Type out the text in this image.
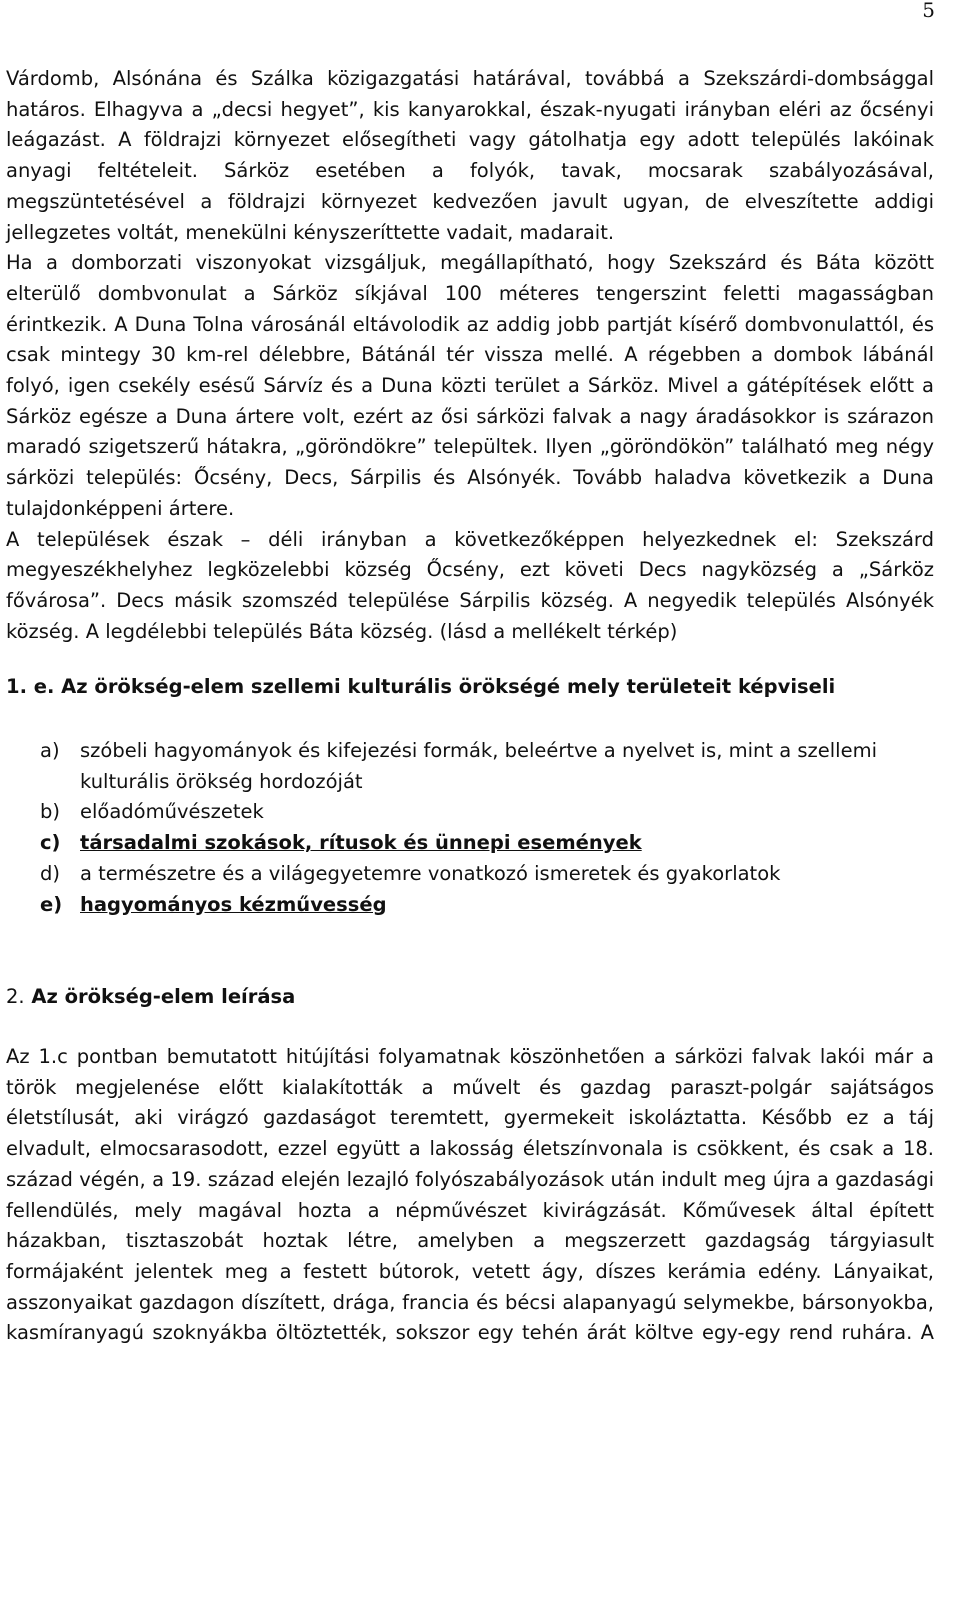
5

Várdomb, Alsónána és Szálka közigazgatási határával, továbbá a Szekszárdi-dombsággal határos. Elhagyva a „decsi hegyet”, kis kanyarokkal, észak-nyugati irányban eléri az őcsényi leágazást. A földrajzi környezet elősegítheti vagy gátolhatja egy adott település lakóinak anyagi feltételeit. Sárköz esetében a folyók, tavak, mocsarak szabályozásával, megszüntetésével a földrajzi környezet kedvezően javult ugyan, de elveszítette addigi jellegzetes voltát, menekülni kényszeríttette vadait, madarait.

Ha a domborzati viszonyokat vizsgáljuk, megállapítható, hogy Szekszárd és Báta között elterülő dombvonulat a Sárköz síkjával 100 méteres tengerszint feletti magasságban érintkezik. A Duna Tolna városánál eltávolodik az addig jobb partját kísérő dombvonulattól, és csak mintegy 30 km-rel délebbre, Bátánál tér vissza mellé. A régebben a dombok lábánál folyó, igen csekély esésű Sárvíz és a Duna közti terület a Sárköz. Mivel a gátépítések előtt a Sárköz egésze a Duna ártere volt, ezért az ősi sárközi falvak a nagy áradásokkor is szárazon maradó szigetszerű hátakra, „göröndökre” települtek. Ilyen „göröndökön” található meg négy sárközi település: Őcsény, Decs, Sárpilis és Alsónyék. Tovább haladva következik a Duna tulajdonképpeni ártere.

A települések észak – déli irányban a következőképpen helyezkednek el: Szekszárd megyeszékhelyhez legközelebbi község Őcsény, ezt követi Decs nagyközség a „Sárköz fővárosa”. Decs másik szomszéd települése Sárpilis község. A negyedik település Alsónyék község. A legdélebbi település Báta község. (lásd a mellékelt térkép)

1. e. Az örökség-elem szellemi kulturális örökségé mely területeit képviseli

a)	szóbeli hagyományok és kifejezési formák, beleértve a nyelvet is, mint a szellemi kulturális örökség hordozóját
b)	előadóművészetek
c)	társadalmi szokások, rítusok és ünnepi események
d)	a természetre és a világegyetemre vonatkozó ismeretek és gyakorlatok
e) hagyományos kézművesség

2. Az örökség-elem leírása

Az 1.c pontban bemutatott hitújítási folyamatnak köszönhetően a sárközi falvak lakói már a török megjelenése előtt kialakították a művelt és gazdag paraszt-polgár sajátságos életstílusát, aki virágzó gazdaságot teremtett, gyermekeit iskoláztatta. Később ez a táj elvadult, elmocsarasodott, ezzel együtt a lakosság életszínvonala is csökkent, és csak a 18. század végén, a 19. század elején lezajló folyószabályozások után indult meg újra a gazdasági fellendülés, mely magával hozta a népművészet kivirágzását. Kőművesek által épített házakban, tisztaszobát hoztak létre, amelyben a megszerzett gazdagság tárgyiasult formájaként jelentek meg a festett bútorok, vetett ágy, díszes kerámia edény. Lányaikat, asszonyaikat gazdagon díszített, drága, francia és bécsi alapanyagú selymekbe, bársonyokba, kasmíranyagú szoknyákba öltöztették, sokszor egy tehén árát költve egy-egy rend ruhára. A
